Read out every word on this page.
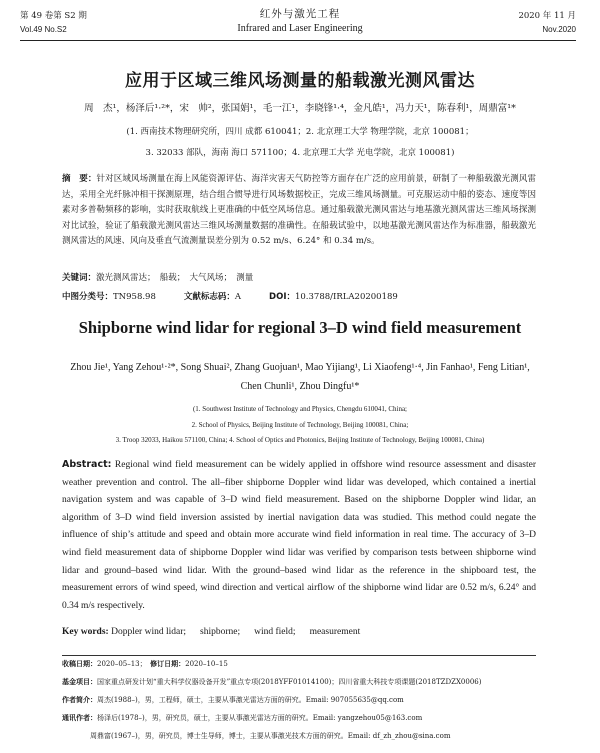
第 49 卷第 S2 期
Vol.49 No.S2
红外与激光工程
Infrared and Laser Engineering
2020 年 11 月
Nov.2020
应用于区域三维风场测量的船载激光测风雷达
周　杰¹，杨泽后¹·²*，宋　帅²，张国娟¹，毛一江¹，李晓锋¹·⁴，金凡皓¹，冯力天¹，陈春利¹，周鼎富¹*
(1. 西南技术物理研究所，四川 成都 610041；2. 北京理工大学 物理学院，北京 100081；
3. 32033 部队，海南 海口 571100；4. 北京理工大学 光电学院，北京 100081)
摘　要：针对区域风场测量在海上风能资源评估、海洋灾害天气防控等方面存在广泛的应用前景，研制了一种船载激光测风雷达，采用全光纤脉冲相干探测原理，结合组合惯导进行风场数据校正，完成三维风场测量。可克服运动中船的姿态、速度等因素对多普勒频移的影响，实时获取航线上更准确的中低空风场信息。通过船载激光测风雷达与地基激光测风雷达三维风场探测对比试验，验证了船载激光测风雷达三维风场测量数据的准确性。在船载试验中，以地基激光测风雷达作为标准器，船载激光测风雷达的风速、风向及垂直气流测量误差分别为 0.52 m/s、6.24° 和 0.34 m/s。
关键词：激光测风雷达；　船载；　大气风场；　测量
中图分类号：TN958.98	文献标志码：A	DOI：10.3788/IRLA20200189
Shipborne wind lidar for regional 3–D wind field measurement
Zhou Jie¹, Yang Zehou¹·²*, Song Shuai², Zhang Guojuan¹, Mao Yijiang¹, Li Xiaofeng¹·⁴, Jin Fanhao¹, Feng Litian¹, Chen Chunli¹, Zhou Dingfu¹*
(1. Southwest Institute of Technology and Physics, Chengdu 610041, China;
2. School of Physics, Beijing Institute of Technology, Beijing 100081, China;
3. Troop 32033, Haikou 571100, China; 4. School of Optics and Photonics, Beijing Institute of Technology, Beijing 100081, China)
Abstract: Regional wind field measurement can be widely applied in offshore wind resource assessment and disaster weather prevention and control. The all–fiber shipborne Doppler wind lidar was developed, which contained a inertial navigation system and was capable of 3–D wind field measurement. Based on the shipborne Doppler wind lidar, an algorithm of 3–D wind field inversion assisted by inertial navigation data was studied. This method could negate the influence of ship’s attitude and speed and obtain more accurate wind field information in real time. The accuracy of 3–D wind field measurement data of shipborne Doppler wind lidar was verified by comparison tests between shipborne wind lidar and ground–based wind lidar. With the ground–based wind lidar as the reference in the shipboard test, the measurement errors of wind speed, wind direction and vertical airflow of the shipborne wind lidar are 0.52 m/s, 6.24° and 0.34 m/s respectively.
Key words: Doppler wind lidar; shipborne; wind field; measurement
收稿日期：2020–05–13；　 修订日期：2020–10–15
基金项目：国家重点研发计划“重大科学仪器设备开发”重点专项(2018YFF01014100)；四川省重大科技专项课题(2018TZDZX0006)
作者简介：周杰(1988–)，男，工程师，硕士，主要从事激光雷达方面的研究。Email: 907055635@qq.com
通讯作者：杨泽后(1978–)，男，研究员，硕士，主要从事激光雷达方面的研究。Email: yangzehou05@163.com
周鼎富(1967–)，男，研究员，博士生导师，博士，主要从事激光技术方面的研究。Email: df_zh_zhou@sina.com
